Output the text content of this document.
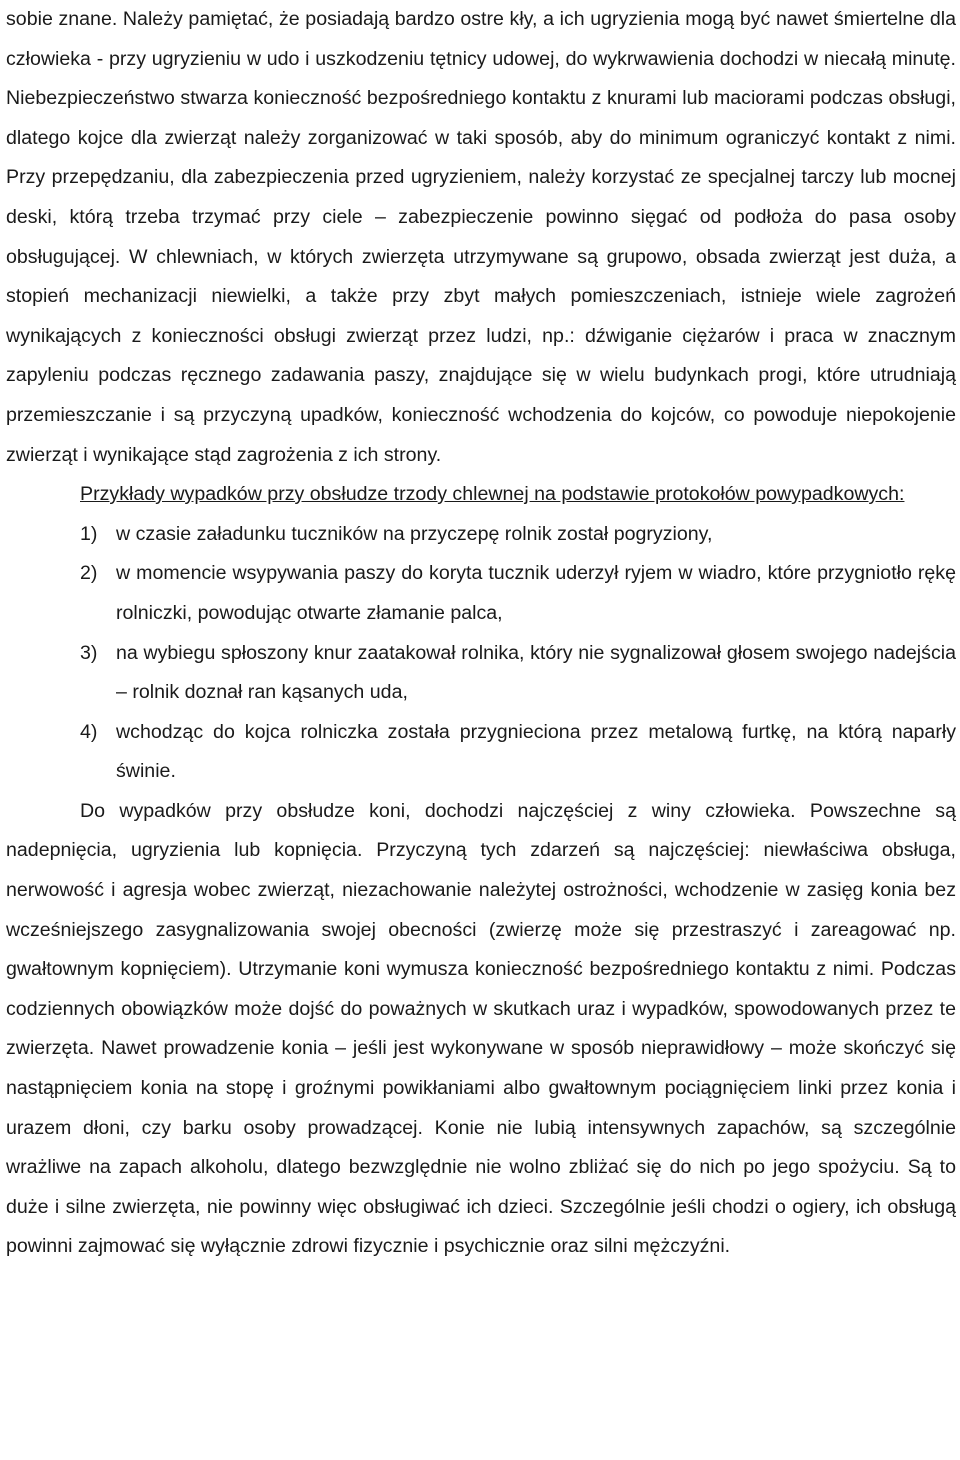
sobie znane. Należy pamiętać, że posiadają bardzo ostre kły, a ich ugryzienia mogą być nawet śmiertelne dla człowieka - przy ugryzieniu w udo i uszkodzeniu tętnicy udowej, do wykrwawienia dochodzi w niecałą minutę. Niebezpieczeństwo stwarza konieczność bezpośredniego kontaktu z knurami lub maciorami podczas obsługi, dlatego kojce dla zwierząt należy zorganizować w taki sposób, aby do minimum ograniczyć kontakt z nimi. Przy przepędzaniu, dla zabezpieczenia przed ugryzieniem, należy korzystać ze specjalnej tarczy lub mocnej deski, którą trzeba trzymać przy ciele – zabezpieczenie powinno sięgać od podłoża do pasa osoby obsługującej. W chlewniach, w których zwierzęta utrzymywane są grupowo, obsada zwierząt jest duża, a stopień mechanizacji niewielki, a także przy zbyt małych pomieszczeniach, istnieje wiele zagrożeń wynikających z konieczności obsługi zwierząt przez ludzi, np.: dźwiganie ciężarów i praca w znacznym zapyleniu podczas ręcznego zadawania paszy, znajdujące się w wielu budynkach progi, które utrudniają przemieszczanie i są przyczyną upadków, konieczność wchodzenia do kojców, co powoduje niepokojenie zwierząt i wynikające stąd zagrożenia z ich strony.

Przykłady wypadków przy obsłudze trzody chlewnej na podstawie protokołów powypadkowych:

1) w czasie załadunku tuczników na przyczepę rolnik został pogryziony,
2) w momencie wsypywania paszy do koryta tucznik uderzył ryjem w wiadro, które przygniotło rękę rolniczki, powodując otwarte złamanie palca,
3) na wybiegu spłoszony knur zaatakował rolnika, który nie sygnalizował głosem swojego nadejścia – rolnik doznał ran kąsanych uda,
4) wchodząc do kojca rolniczka została przygnieciona przez metalową furtkę, na którą naparły świnie.

Do wypadków przy obsłudze koni, dochodzi najczęściej z winy człowieka. Powszechne są nadepnięcia, ugryzienia lub kopnięcia. Przyczyną tych zdarzeń są najczęściej: niewłaściwa obsługa, nerwowość i agresja wobec zwierząt, niezachowanie należytej ostrożności, wchodzenie w zasięg konia bez wcześniejszego zasygnalizowania swojej obecności (zwierzę może się przestraszyć i zareagować np. gwałtownym kopnięciem). Utrzymanie koni wymusza konieczność bezpośredniego kontaktu z nimi. Podczas codziennych obowiązków może dojść do poważnych w skutkach uraz i wypadków, spowodowanych przez te zwierzęta. Nawet prowadzenie konia – jeśli jest wykonywane w sposób nieprawidłowy – może skończyć się nastąpnięciem konia na stopę i groźnymi powikłaniami albo gwałtownym pociągnięciem linki przez konia i urazem dłoni, czy barku osoby prowadzącej. Konie nie lubią intensywnych zapachów, są szczególnie wrażliwe na zapach alkoholu, dlatego bezwzględnie nie wolno zbliżać się do nich po jego spożyciu. Są to duże i silne zwierzęta, nie powinny więc obsługiwać ich dzieci. Szczególnie jeśli chodzi o ogiery, ich obsługą powinni zajmować się wyłącznie zdrowi fizycznie i psychicznie oraz silni mężczyźni.
